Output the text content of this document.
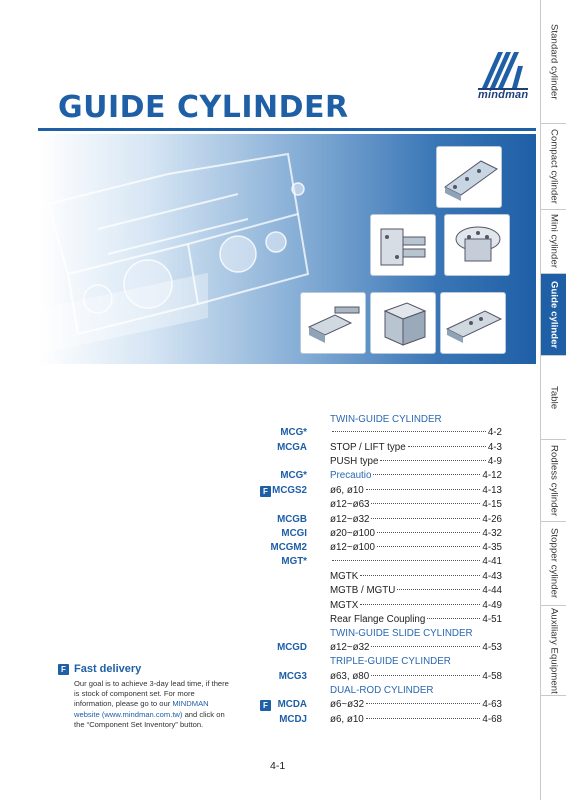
Standard cylinder
Compact cylinder
Mini cylinder
Guide cylinder
Table
Rodless cylinder
Stopper cylinder
Auxiliary Equipment
mindman
GUIDE CYLINDER
TWIN-GUIDE CYLINDER
TWIN-GUIDE SLIDE CYLINDER
TRIPLE-GUIDE CYLINDER
DUAL-ROD CYLINDER
MCG*	4-2
MCGA STOP / LIFT type	4-3
PUSH type	4-9
MCG* Precautio	4-12
F MCGS2 ø6, ø10	4-13
ø12~ø63	4-15
MCGB ø12~ø32	4-26
MCGI ø20~ø100	4-32
MCGM2 ø12~ø100	4-35
MGT*	4-41
MGTK	4-43
MGTB / MGTU	4-44
MGTX	4-49
Rear Flange Coupling	4-51
MCGD ø12~ø32	4-53
MCG3 ø63, ø80	4-58
F MCDA ø6~ø32	4-63
MCDJ ø6, ø10	4-68
F Fast delivery
Our goal is to achieve 3-day lead time, if there is stock of component set. For more information, please go to our MINDMAN website (www.mindman.com.tw) and click on the “Component Set Inventory” button.
4-1
